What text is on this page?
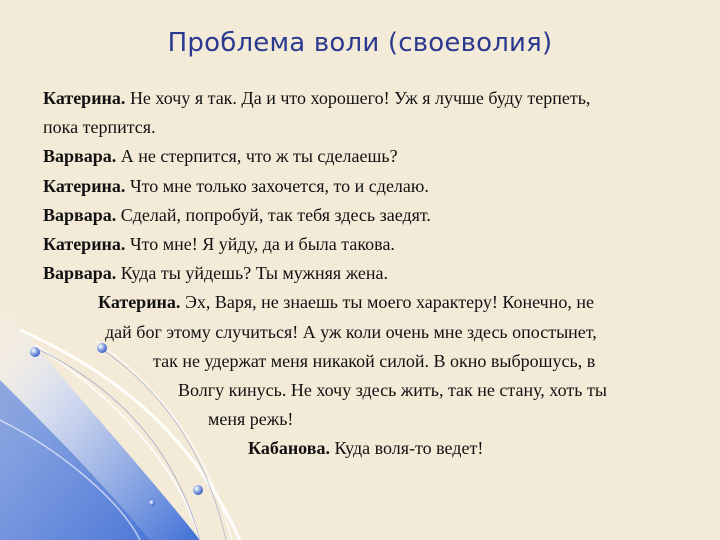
Проблема воли (своеволия)
Катерина. Не хочу я так. Да и что хорошего! Уж я лучше буду терпеть,
пока терпится.
Варвара. А не стерпится, что ж ты сделаешь?
Катерина. Что мне только захочется, то и сделаю.
Варвара. Сделай, попробуй, так тебя здесь заедят.
Катерина. Что мне! Я уйду, да и была такова.
Варвара. Куда ты уйдешь? Ты мужняя жена.
Катерина. Эх, Варя, не знаешь ты моего характеру! Конечно, не
дай бог этому случиться! А уж коли очень мне здесь опостынет,
так не удержат меня никакой силой. В окно выброшусь, в
Волгу кинусь. Не хочу здесь жить, так не стану, хоть ты
меня режь!
Кабанова. Куда воля-то ведет!
